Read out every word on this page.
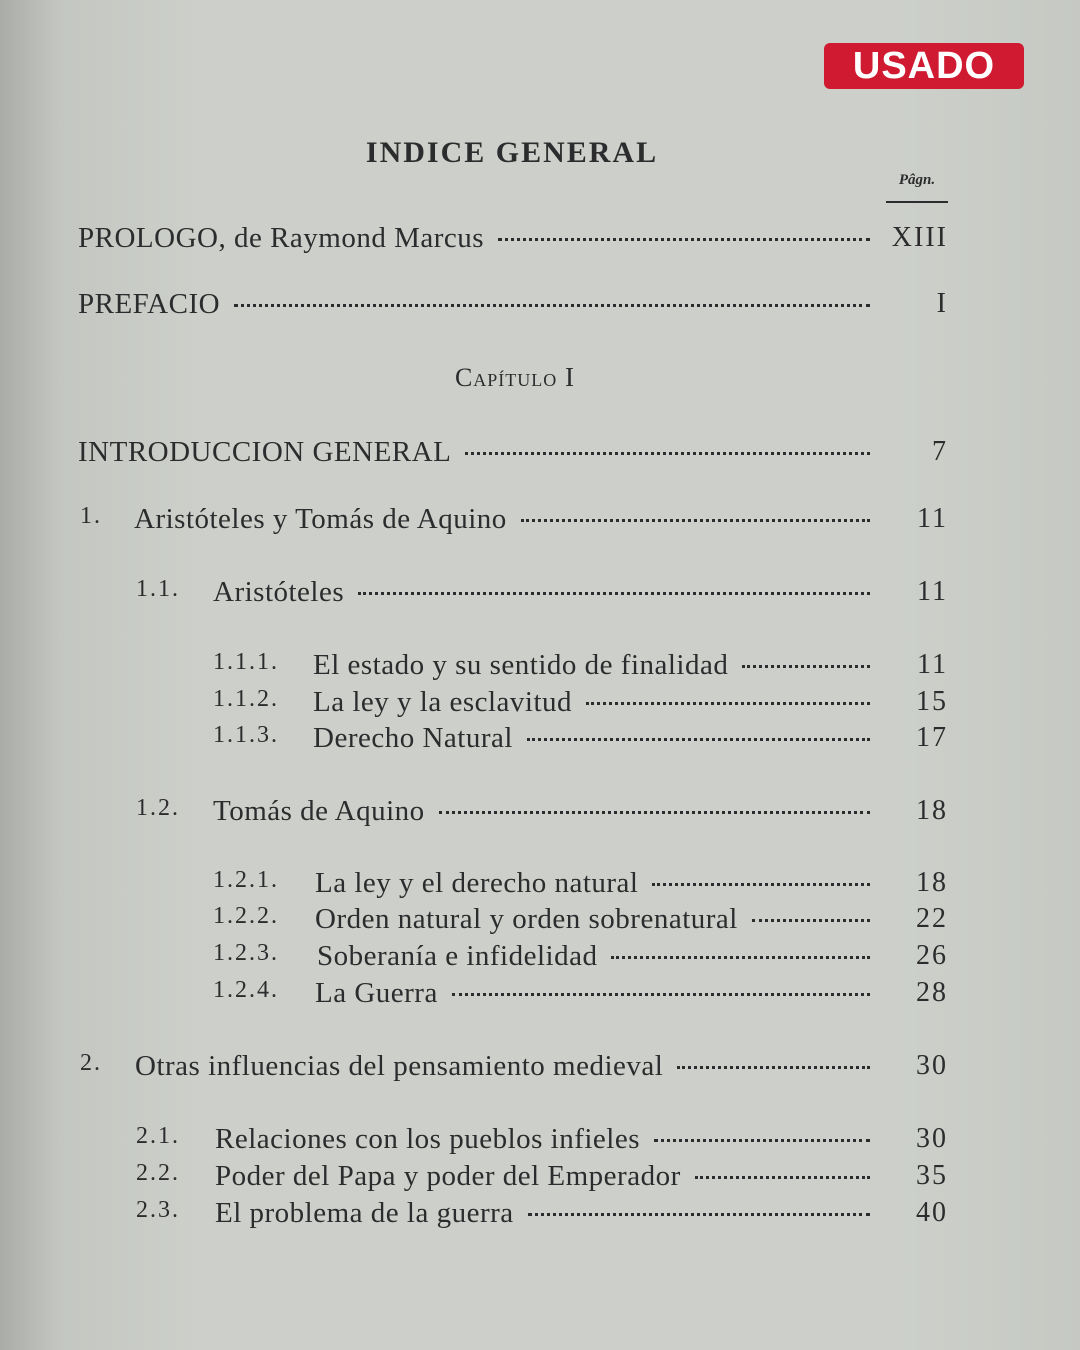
USADO
INDICE GENERAL
Pâgn.
PROLOGO, de Raymond Marcus	XIII
PREFACIO	I
Capítulo I
INTRODUCCION GENERAL	7
1. Aristóteles y Tomás de Aquino	11
1.1. Aristóteles	11
1.1.1. El estado y su sentido de finalidad	11
1.1.2. La ley y la esclavitud	15
1.1.3. Derecho Natural	17
1.2. Tomás de Aquino	18
1.2.1. La ley y el derecho natural	18
1.2.2. Orden natural y orden sobrenatural	22
1.2.3. Soberanía e infidelidad	26
1.2.4. La Guerra	28
2. Otras influencias del pensamiento medieval	30
2.1. Relaciones con los pueblos infieles	30
2.2. Poder del Papa y poder del Emperador	35
2.3. El problema de la guerra	40
